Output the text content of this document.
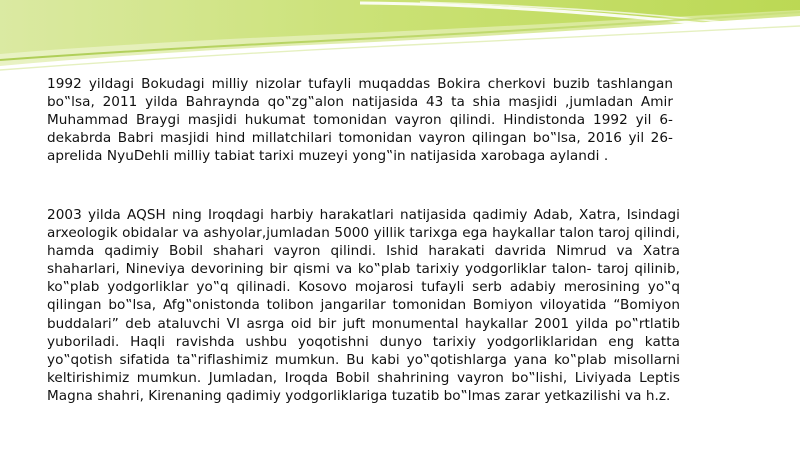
1992 yildagi Bokudagi milliy nizolar tufayli muqaddas Bokira cherkovi buzib tashlangan bo‟lsa, 2011 yilda Bahraynda qo‟zg‟alon natijasida 43 ta shia masjidi ,jumladan Amir Muhammad Braygi masjidi hukumat tomonidan vayron qilindi. Hindistonda 1992 yil 6- dekabrda Babri masjidi hind millatchilari tomonidan vayron qilingan bo‟lsa, 2016 yil 26- aprelida NyuDehli milliy tabiat tarixi muzeyi yong‟in natijasida xarobaga aylandi .

2003 yilda AQSH ning Iroqdagi harbiy harakatlari natijasida qadimiy Adab, Xatra, Isindagi arxeologik obidalar va ashyolar,jumladan 5000 yillik tarixga ega haykallar talon taroj qilindi, hamda qadimiy Bobil shahari vayron qilindi. Ishid harakati davrida Nimrud va Xatra shaharlari, Nineviya devorining bir qismi va ko‟plab tarixiy yodgorliklar talon- taroj qilinib, ko‟plab yodgorliklar yo‟q qilinadi. Kosovo mojarosi tufayli serb adabiy merosining yo‟q qilingan bo‟lsa, Afg‟onistonda tolibon jangarilar tomonidan Bomiyon viloyatida “Bomiyon buddalari” deb ataluvchi VI asrga oid bir juft monumental haykallar 2001 yilda po‟rtlatib yuboriladi. Haqli ravishda ushbu yoqotishni dunyo tarixiy yodgorliklaridan eng katta yo‟qotish sifatida ta‟riflashimiz mumkun. Bu kabi yo‟qotishlarga yana ko‟plab misollarni keltirishimiz mumkun. Jumladan, Iroqda Bobil shahrining vayron bo‟lishi, Liviyada Leptis Magna shahri, Kirenaning qadimiy yodgorliklariga tuzatib bo‟lmas zarar yetkazilishi va h.z.
